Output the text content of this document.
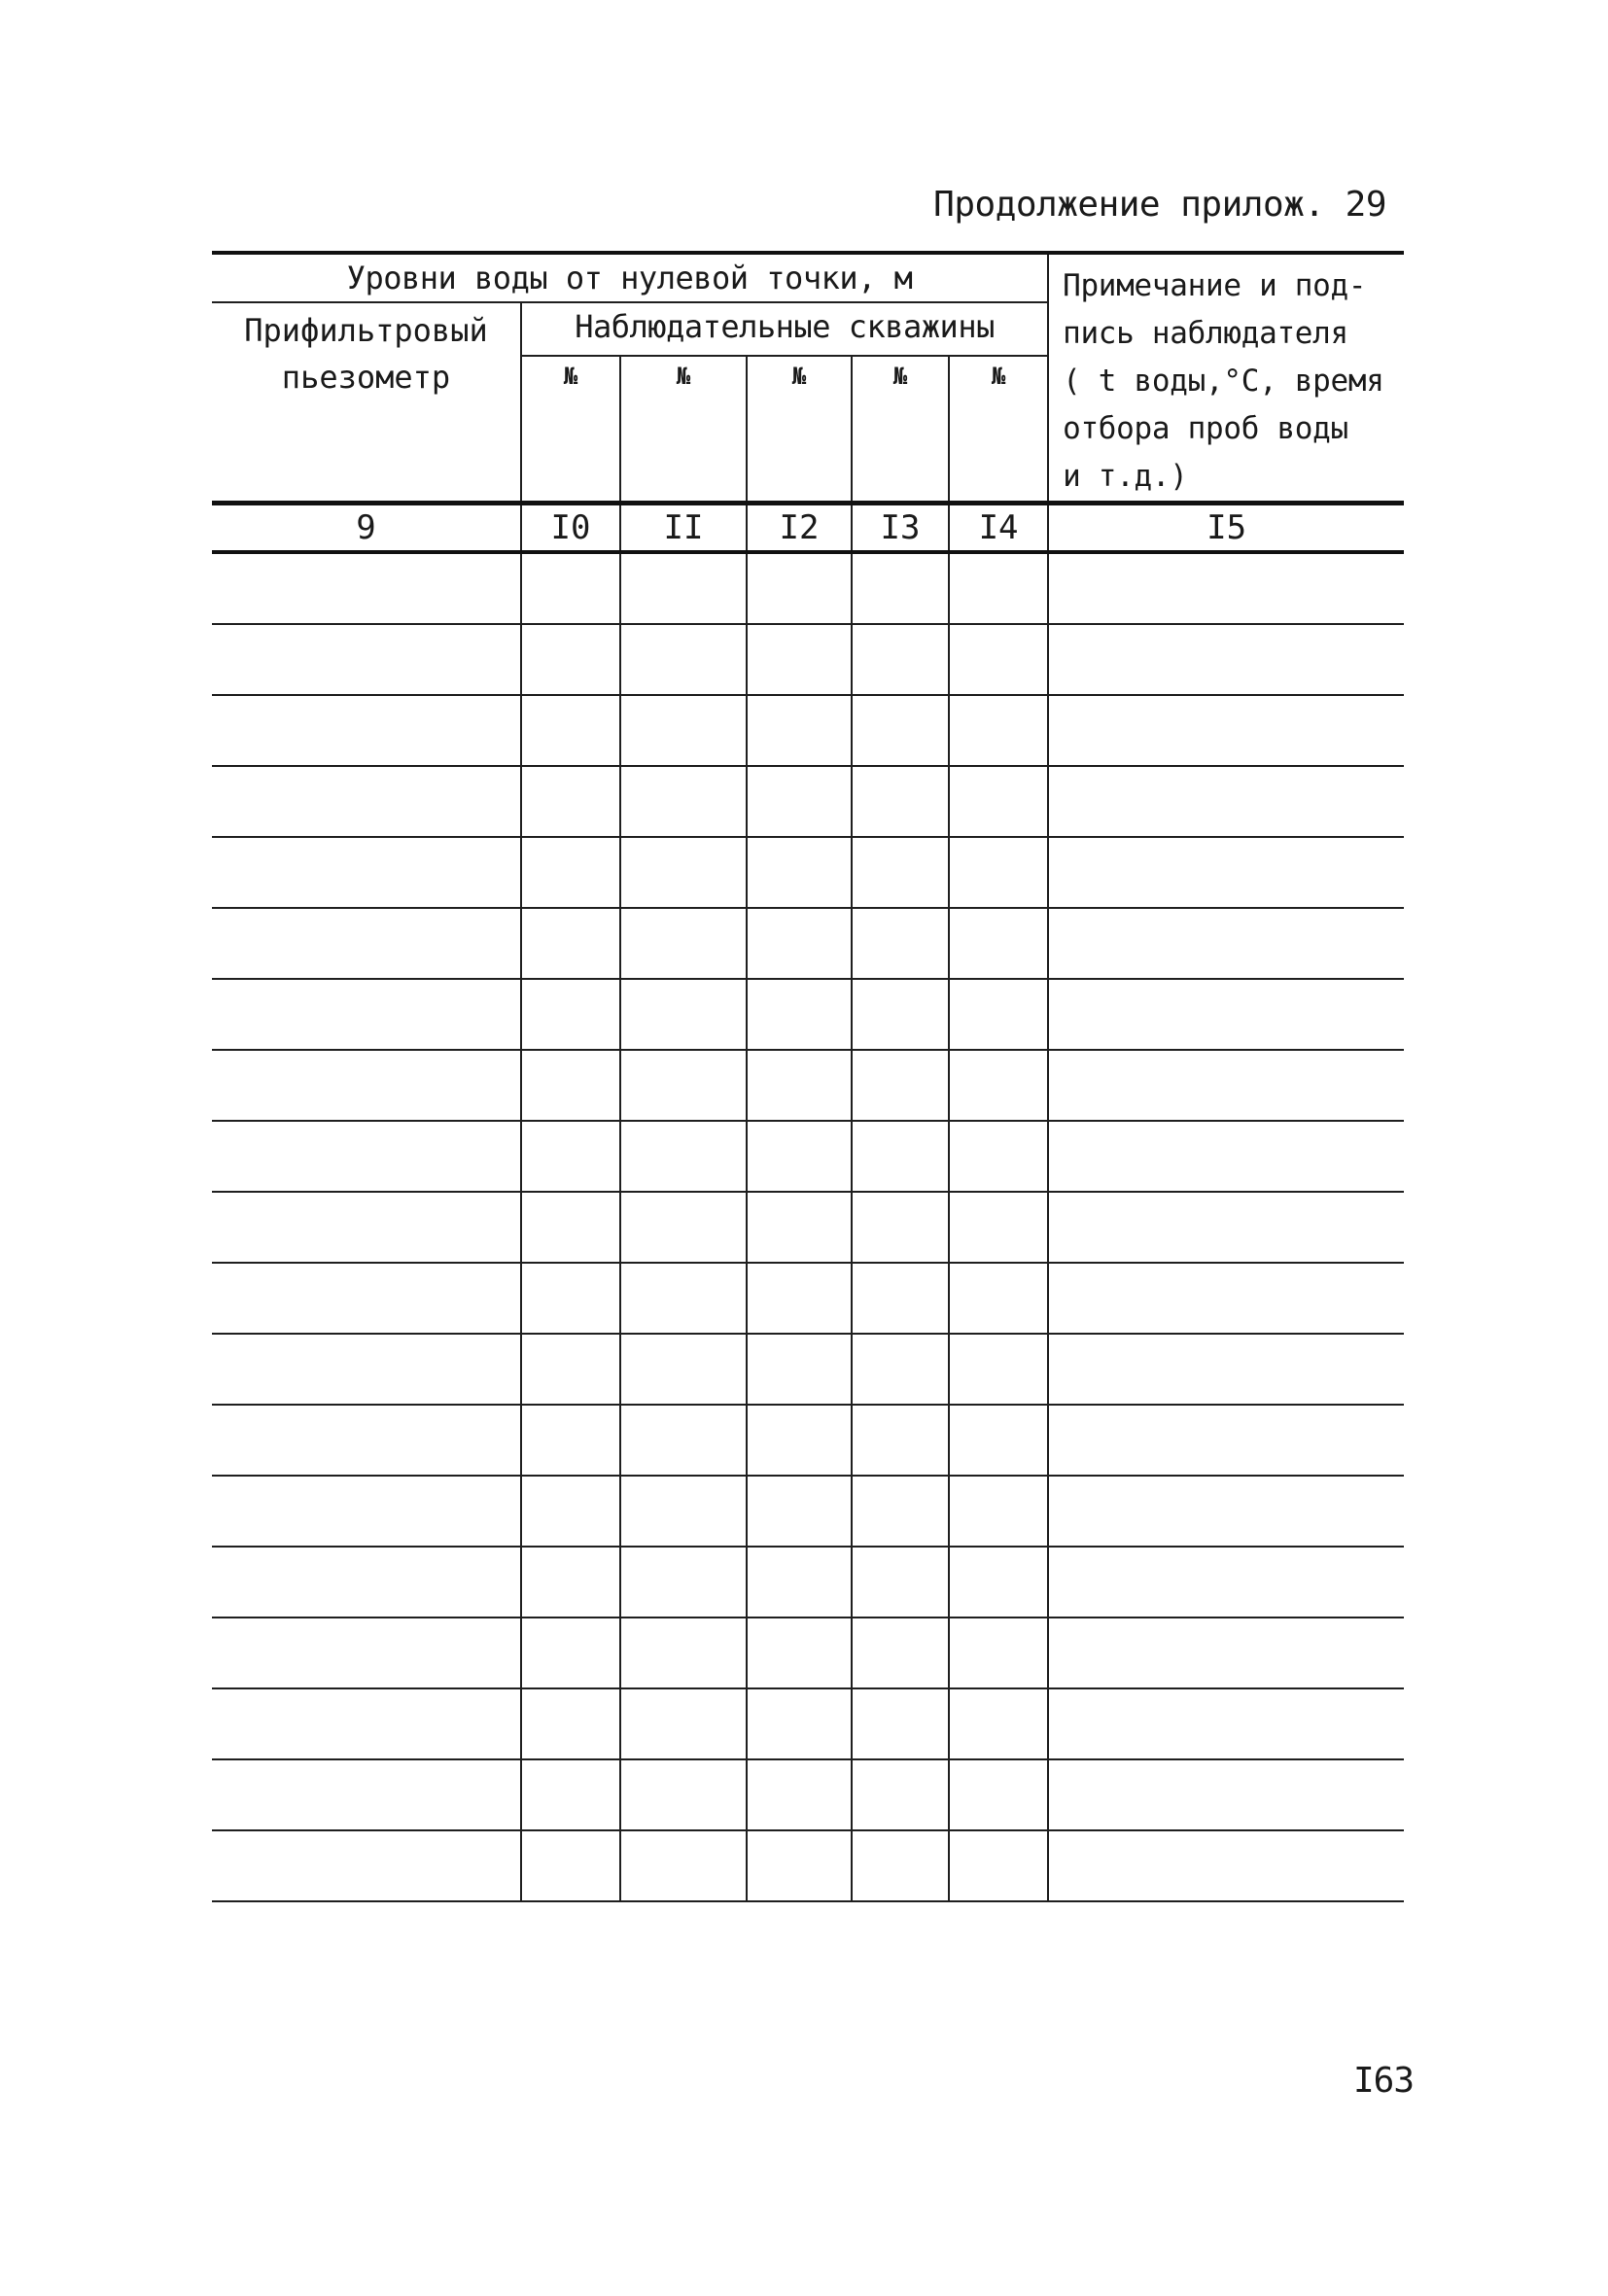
Продолжение прилож. 29
Уровни воды от нулевой точки, м						Примечание и под-
пись наблюдателя
( t воды,°С, время
отбора проб воды
и т.д.)

Прифильтровый
пьезометр	Наблюдательные скважины					
	№	№	№	№	№	
9	I0	II	I2	I3	I4	I5

I63
